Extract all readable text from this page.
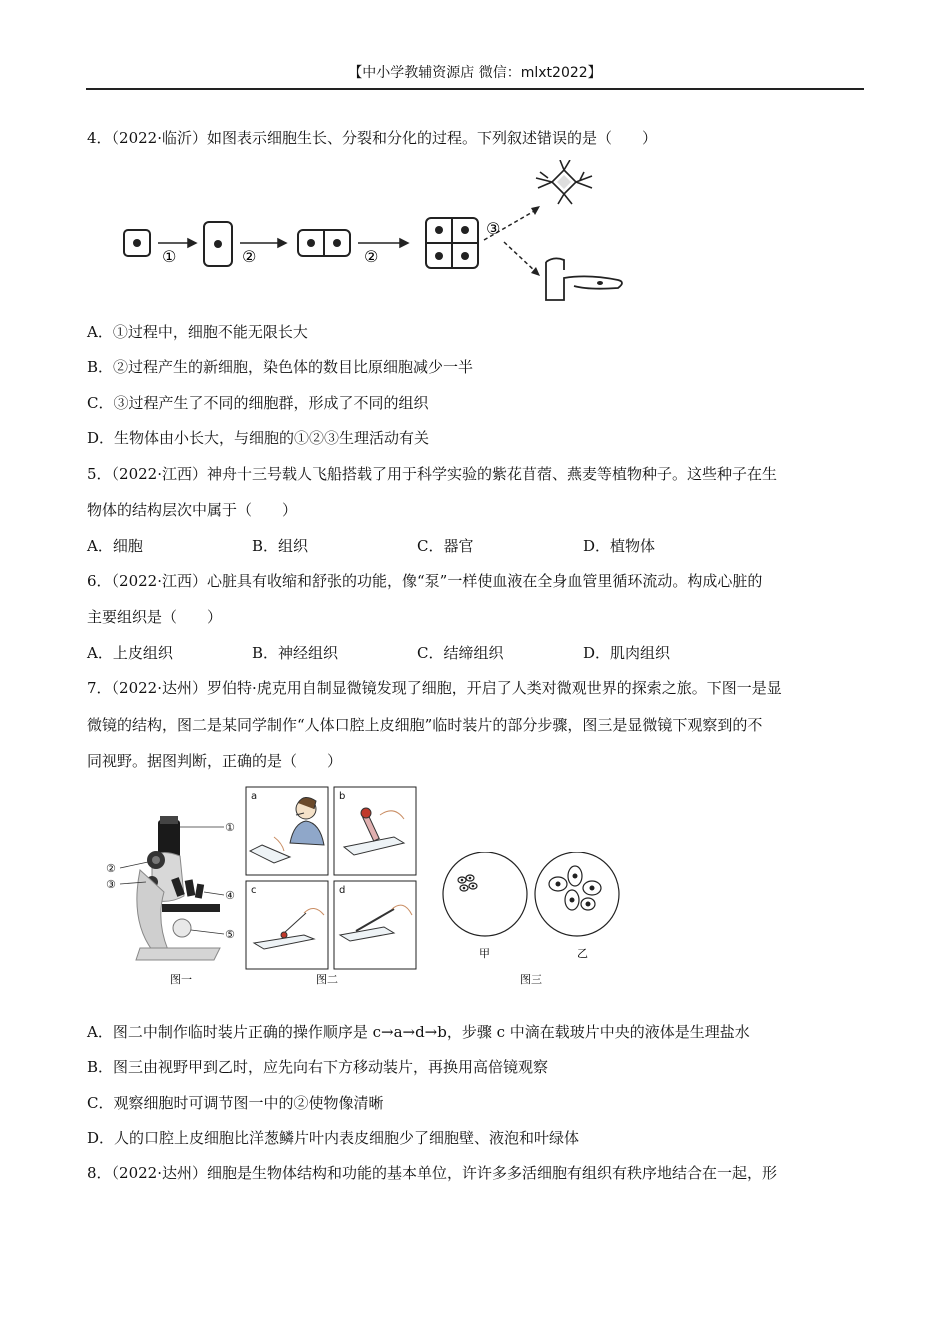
【中小学教辅资源店 微信：mlxt2022】
4．（2022·临沂）如图表示细胞生长、分裂和分化的过程。下列叙述错误的是（　　）
①	②	②
③
A．①过程中，细胞不能无限长大
B．②过程产生的新细胞，染色体的数目比原细胞减少一半
C．③过程产生了不同的细胞群，形成了不同的组织
D．生物体由小长大，与细胞的①②③生理活动有关
5．（2022·江西）神舟十三号载人飞船搭载了用于科学实验的紫花苜蓿、燕麦等植物种子。这些种子在生
物体的结构层次中属于（　　）
A．细胞	B．组织	C．器官	D．植物体
6．（2022·江西）心脏具有收缩和舒张的功能，像“泵”一样使血液在全身血管里循环流动。构成心脏的
主要组织是（　　）
A．上皮组织	B．神经组织	C．结缔组织	D．肌肉组织
7．（2022·达州）罗伯特·虎克用自制显微镜发现了细胞，开启了人类对微观世界的探索之旅。下图一是显
微镜的结构，图二是某同学制作“人体口腔上皮细胞”临时装片的部分步骤，图三是显微镜下观察到的不
同视野。据图判断，正确的是（　　）
①
②
③
④
⑤
图一
a	b
c	d
图二
甲	乙
图三
A．图二中制作临时装片正确的操作顺序是 c→a→d→b，步骤 c 中滴在载玻片中央的液体是生理盐水
B．图三由视野甲到乙时，应先向右下方移动装片，再换用高倍镜观察
C．观察细胞时可调节图一中的②使物像清晰
D．人的口腔上皮细胞比洋葱鳞片叶内表皮细胞少了细胞壁、液泡和叶绿体
8．（2022·达州）细胞是生物体结构和功能的基本单位，许许多多活细胞有组织有秩序地结合在一起，形
